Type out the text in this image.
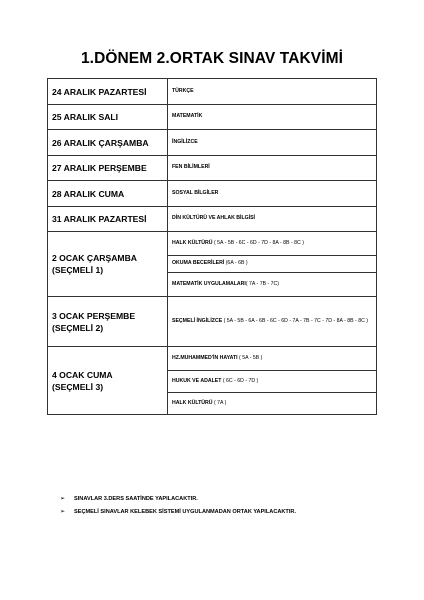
1.DÖNEM 2.ORTAK SINAV TAKVİMİ
24 ARALIK PAZARTESİ	TÜRKÇE

25 ARALIK SALI	MATEMATİK

26 ARALIK ÇARŞAMBA	İNGİLİZCE

27 ARALIK PERŞEMBE	FEN BİLİMLERİ

28 ARALIK CUMA	SOSYAL BİLGİLER

31 ARALIK PAZARTESİ	DİN KÜLTÜRÜ VE AHLAK BİLGİSİ

2 OCAK ÇARŞAMBA
(SEÇMELİ 1)	HALK KÜLTÜRÜ ( 5A - 5B - 6C - 6D - 7D - 8A - 8B - 8C )
	OKUMA BECERİLERİ (6A - 6B )
	MATEMATİK UYGULAMALARI( 7A - 7B - 7C)

3 OCAK PERŞEMBE
(SEÇMELİ 2)	SEÇMELİ İNGİLİZCE ( 5A - 5B - 6A - 6B - 6C - 6D - 7A - 7B - 7C - 7D - 8A - 8B - 8C )

4 OCAK CUMA
(SEÇMELİ 3)	HZ.MUHAMMED'İN HAYATI ( 5A - 5B )
	HUKUK VE ADALET ( 6C - 6D - 7D )
	HALK KÜLTÜRÜ ( 7A )
➢	SINAVLAR 3.DERS SAATİNDE YAPILACAKTIR.
➢	SEÇMELİ SINAVLAR KELEBEK SİSTEMİ UYGULANMADAN ORTAK YAPILACAKTIR.
